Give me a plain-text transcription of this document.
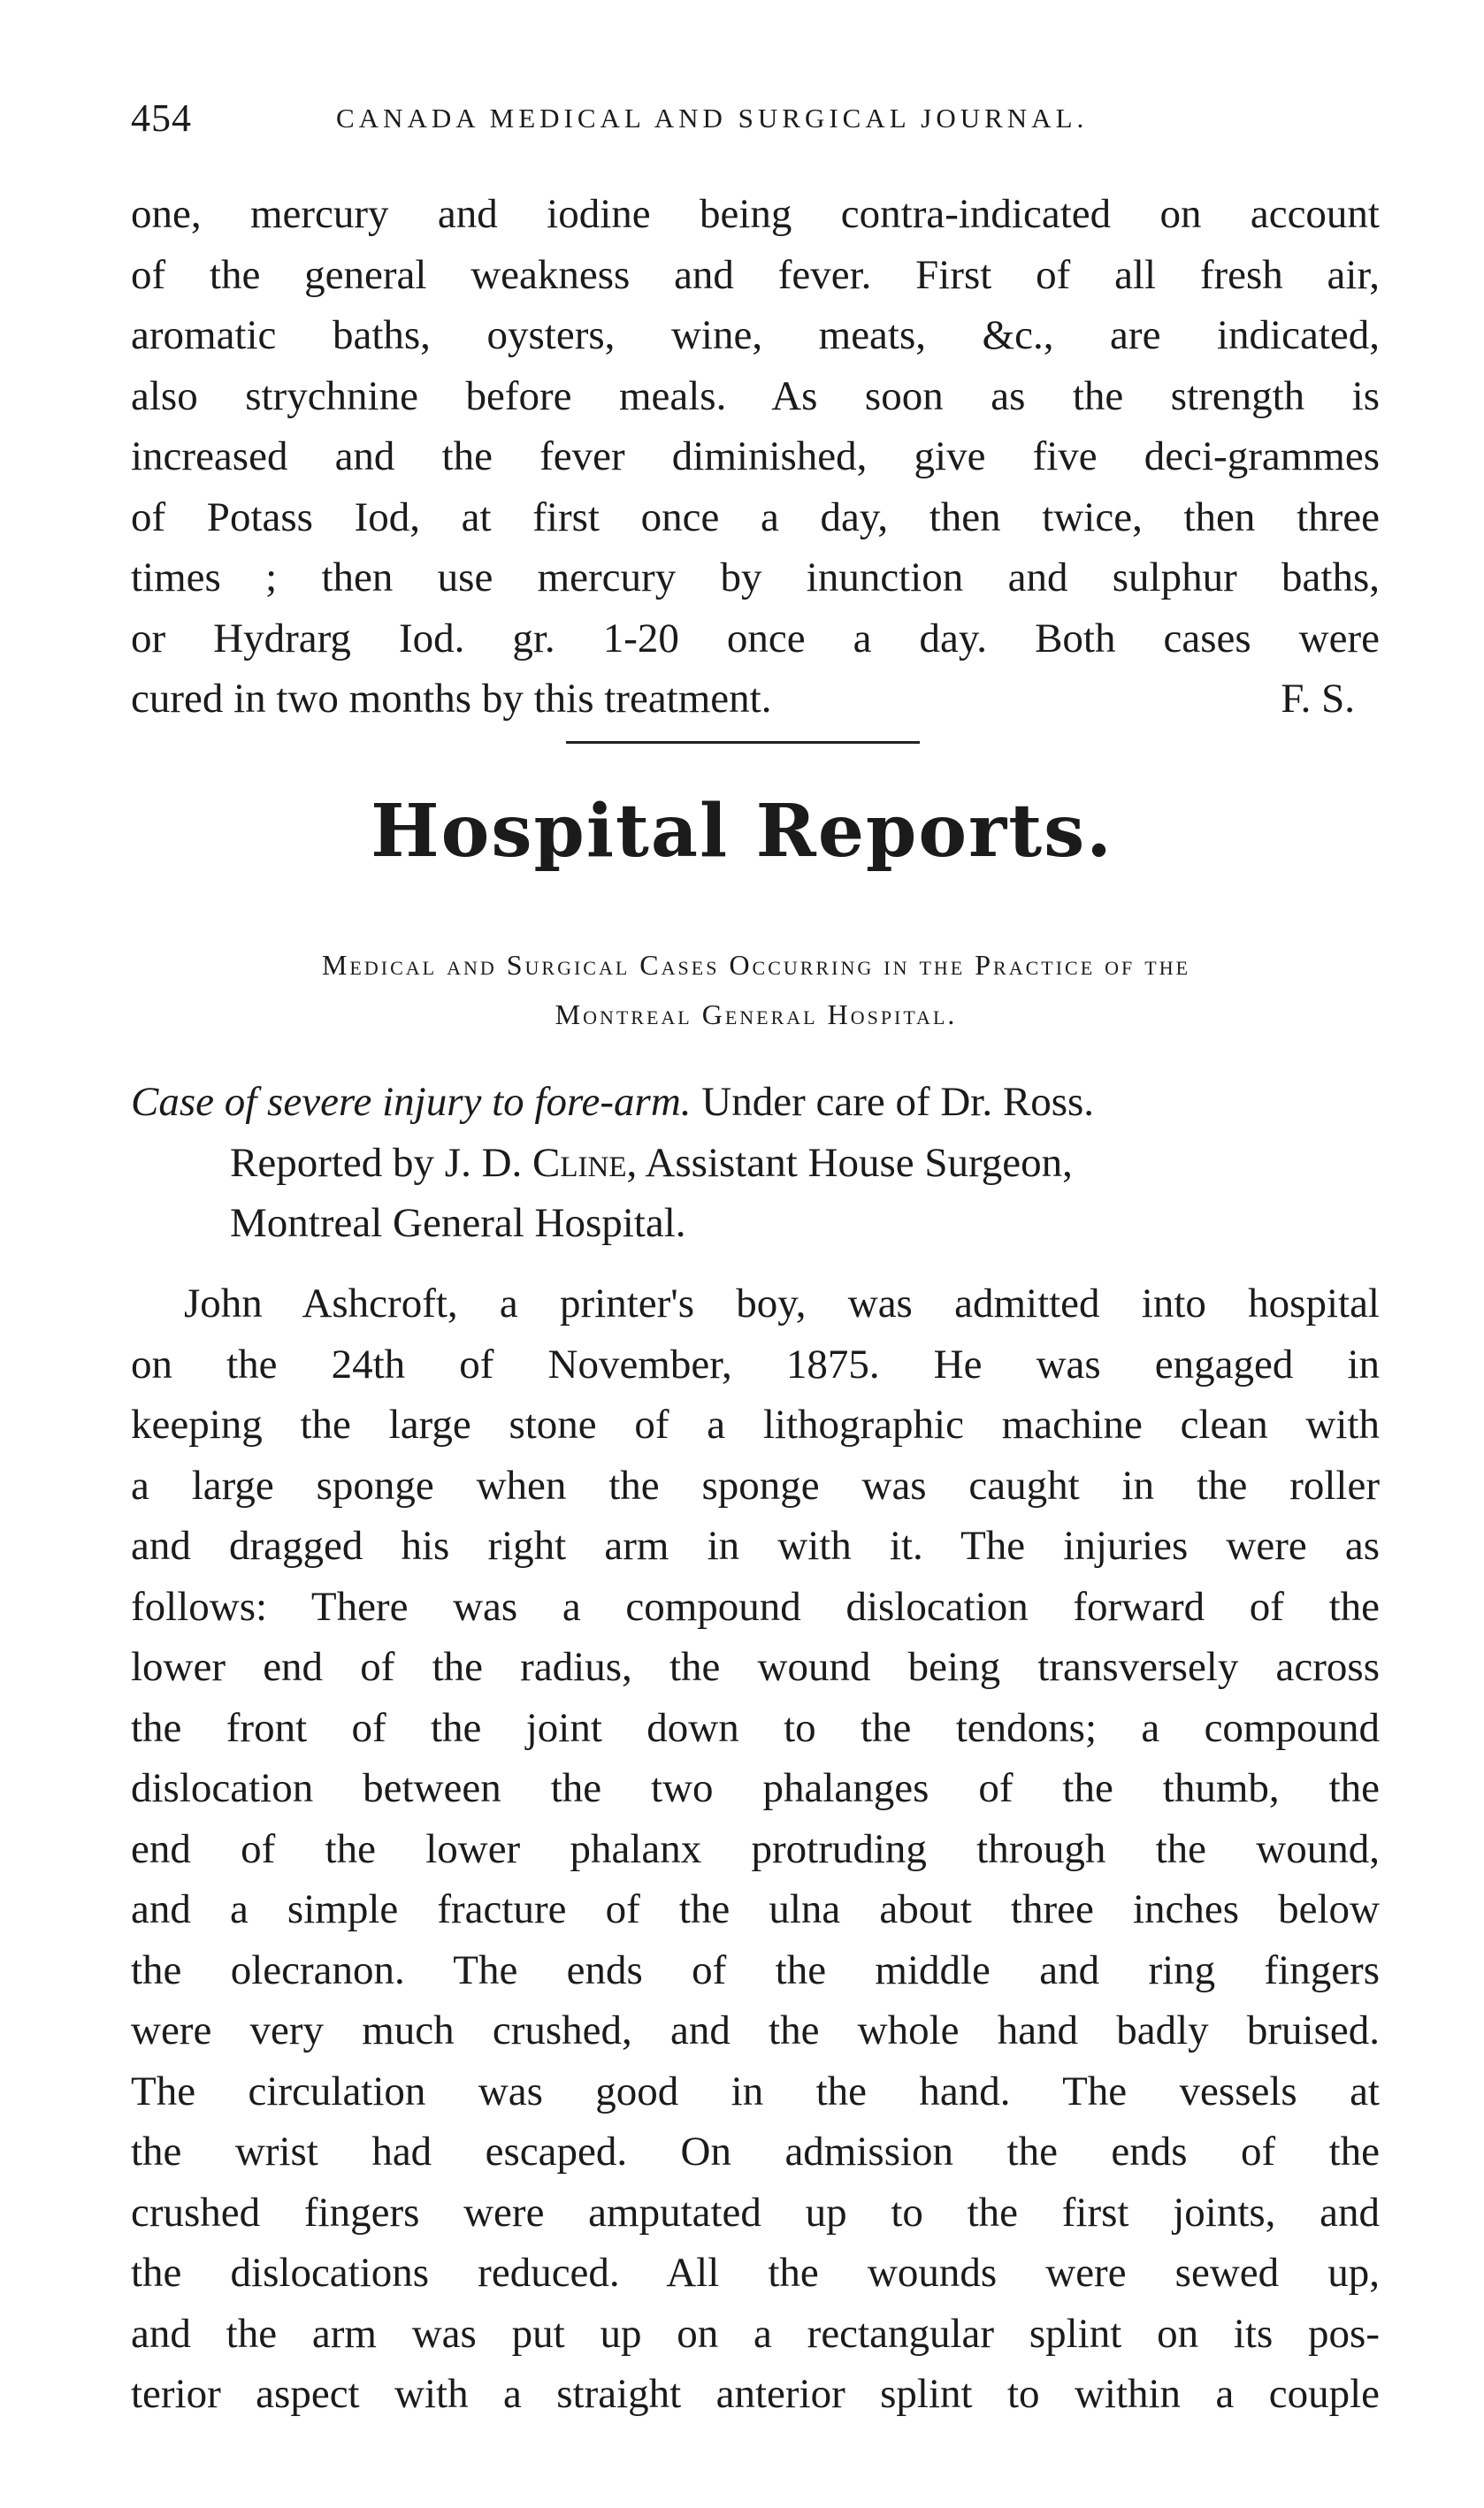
454	CANADA MEDICAL AND SURGICAL JOURNAL.
one, mercury and iodine being contra-indicated on account
of the general weakness and fever. First of all fresh air,
aromatic baths, oysters, wine, meats, &c., are indicated,
also strychnine before meals. As soon as the strength is
increased and the fever diminished, give five deci-grammes
of Potass Iod, at first once a day, then twice, then three
times ; then use mercury by inunction and sulphur baths,
or Hydrarg Iod. gr. 1-20 once a day. Both cases were
cured in two months by this treatment.	F. S.
Hospital Reports.
Medical and Surgical Cases Occurring in the Practice of the
Montreal General Hospital.
Case of severe injury to fore-arm. Under care of Dr. Ross.
Reported by J. D. Cline, Assistant House Surgeon,
Montreal General Hospital.
John Ashcroft, a printer's boy, was admitted into hospital
on the 24th of November, 1875. He was engaged in
keeping the large stone of a lithographic machine clean with
a large sponge when the sponge was caught in the roller
and dragged his right arm in with it. The injuries were as
follows: There was a compound dislocation forward of the
lower end of the radius, the wound being transversely across
the front of the joint down to the tendons; a compound
dislocation between the two phalanges of the thumb, the
end of the lower phalanx protruding through the wound,
and a simple fracture of the ulna about three inches below
the olecranon. The ends of the middle and ring fingers
were very much crushed, and the whole hand badly bruised.
The circulation was good in the hand. The vessels at
the wrist had escaped. On admission the ends of the
crushed fingers were amputated up to the first joints, and
the dislocations reduced. All the wounds were sewed up,
and the arm was put up on a rectangular splint on its pos-
terior aspect with a straight anterior splint to within a couple
